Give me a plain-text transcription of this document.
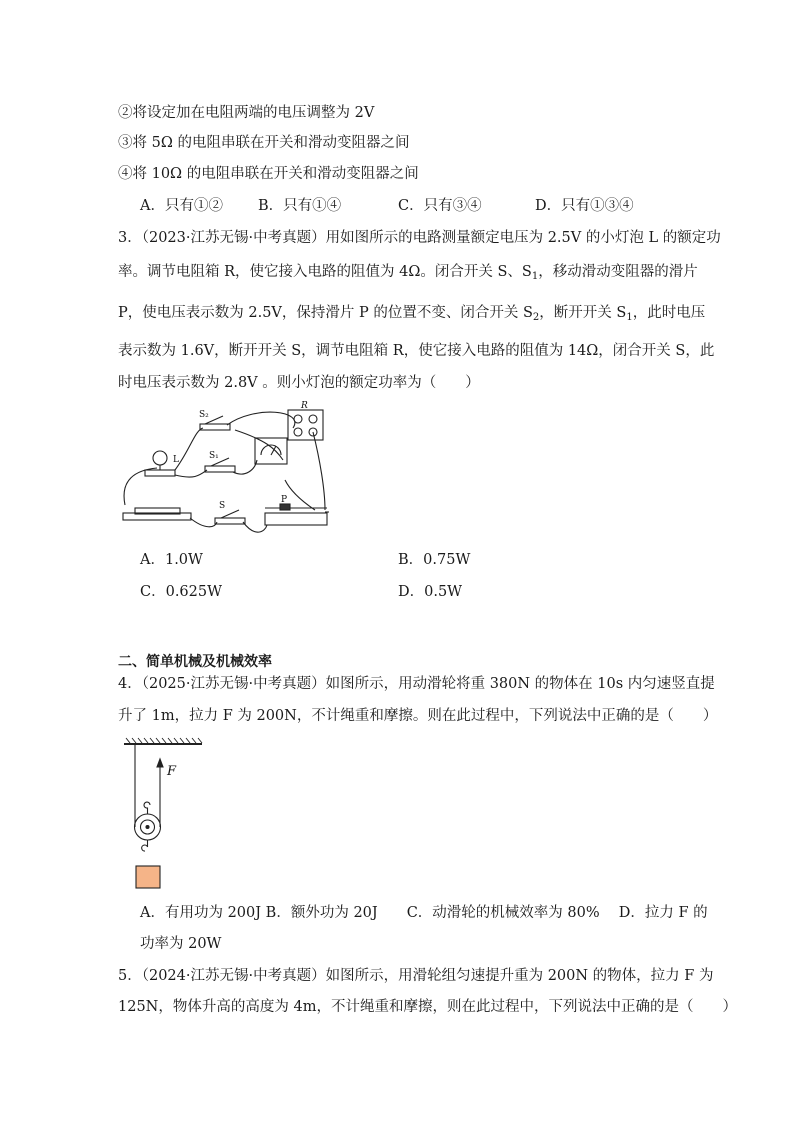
②将设定加在电阻两端的电压调整为 2V
③将 5Ω 的电阻串联在开关和滑动变阻器之间
④将 10Ω 的电阻串联在开关和滑动变阻器之间
A．只有①② B．只有①④	C．只有③④	D．只有①③④
3．（2023·江苏无锡·中考真题）用如图所示的电路测量额定电压为 2.5V 的小灯泡 L 的额定功
率。调节电阻箱 R，使它接入电路的阻值为 4Ω。闭合开关 S、$S_1$，移动滑动变阻器的滑片
P，使电压表示数为 2.5V，保持滑片 P 的位置不变、闭合开关 $S_2$，断开开关 $S_1$，此时电压
表示数为 1.6V，断开开关 S，调节电阻箱 R，使它接入电路的阻值为 14Ω，闭合开关 S，此
时电压表示数为 2.8V 。则小灯泡的额定功率为（　　）
S₂
S₁
S
L
R
P
A．1.0W	B．0.75W
C．0.625W	D．0.5W
二、简单机械及机械效率
4．（2025·江苏无锡·中考真题）如图所示，用动滑轮将重 380N 的物体在 10s 内匀速竖直提
升了 1m，拉力 F 为 200N，不计绳重和摩擦。则在此过程中，下列说法中正确的是（　　）
F
A．有用功为 200J B．额外功为 20J　　C．动滑轮的机械效率为 80%　 D．拉力 F 的
功率为 20W
5．（2024·江苏无锡·中考真题）如图所示，用滑轮组匀速提升重为 200N 的物体，拉力 F 为
125N，物体升高的高度为 4m，不计绳重和摩擦，则在此过程中，下列说法中正确的是（　　）
